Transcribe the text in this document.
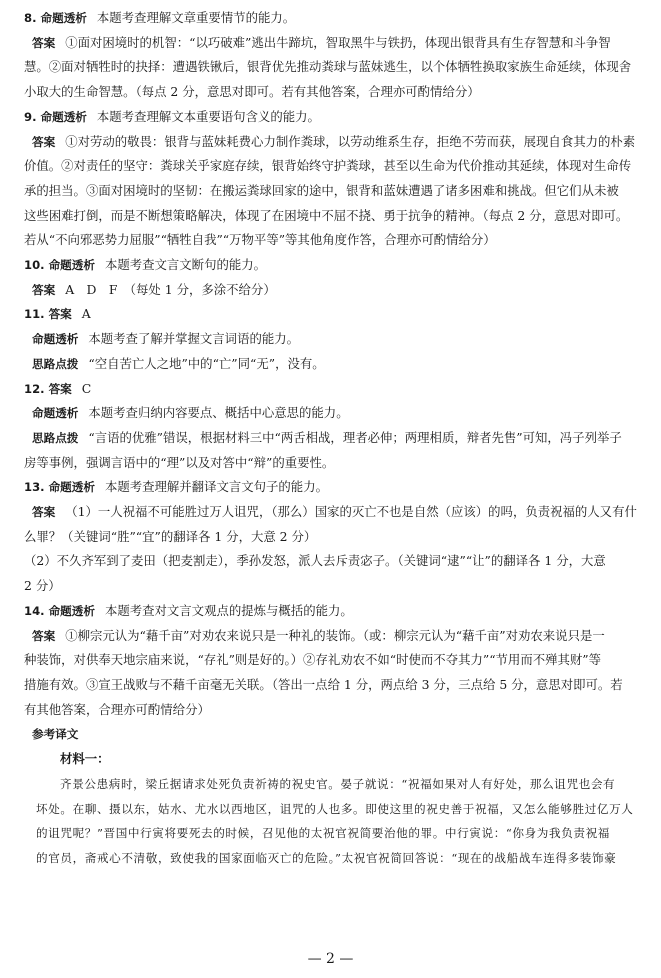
8. 命题透析 本题考查理解文章重要情节的能力。
答案 ①面对困境时的机智：“以巧破难”逃出牛蹄坑，智取黑牛与铁扔，体现出银背具有生存智慧和斗争智
慧。②面对牺牲时的抉择：遭遇铁锹后，银背优先推动粪球与蓝妹逃生，以个体牺牲换取家族生命延续，体现舍
小取大的生命智慧。（每点 2 分，意思对即可。若有其他答案，合理亦可酌情给分）
9. 命题透析 本题考查理解文本重要语句含义的能力。
答案 ①对劳动的敬畏：银背与蓝妹耗费心力制作粪球，以劳动维系生存，拒绝不劳而获，展现自食其力的朴素
价值。②对责任的坚守：粪球关乎家庭存续，银背始终守护粪球，甚至以生命为代价推动其延续，体现对生命传
承的担当。③面对困境时的坚韧：在搬运粪球回家的途中，银背和蓝妹遭遇了诸多困难和挑战。但它们从未被
这些困难打倒，而是不断想策略解决，体现了在困境中不屈不挠、勇于抗争的精神。（每点 2 分，意思对即可。
若从“不向邪恶势力屈服”“牺牲自我”“万物平等”等其他角度作答，合理亦可酌情给分）
10. 命题透析 本题考查文言文断句的能力。
答案 A　D　F　（每处 1 分，多涂不给分）
11. 答案 A
命题透析 本题考查了解并掌握文言词语的能力。
思路点拨 “空自苦亡人之地”中的“亡”同“无”，没有。
12. 答案 C
命题透析 本题考查归纳内容要点、概括中心意思的能力。
思路点拨 “言语的优雅”错误，根据材料三中“两舌相战，理者必伸；两理相质，辩者先售”可知，冯子列举子
房等事例，强调言语中的“理”以及对答中“辩”的重要性。
13. 命题透析 本题考查理解并翻译文言文句子的能力。
答案 （1）一人祝福不可能胜过万人诅咒，（那么）国家的灭亡不也是自然（应该）的吗，负责祝福的人又有什
么罪？（关键词“胜”“宜”的翻译各 1 分，大意 2 分）
（2）不久齐军到了麦田（把麦割走），季孙发怒，派人去斥责宓子。（关键词“逮”“让”的翻译各 1 分，大意
2 分）
14. 命题透析 本题考查对文言文观点的提炼与概括的能力。
答案 ①柳宗元认为“藉千亩”对劝农来说只是一种礼的装饰。（或：柳宗元认为“藉千亩”对劝农来说只是一
种装饰，对供奉天地宗庙来说，“存礼”则是好的。）②存礼劝农不如“时使而不夺其力”“节用而不殚其财”等
措施有效。③宣王战败与不藉千亩毫无关联。（答出一点给 1 分，两点给 3 分，三点给 5 分，意思对即可。若
有其他答案，合理亦可酌情给分）
参考译文
材料一：
齐景公患病时，梁丘据请求处死负责祈祷的祝史官。晏子就说：“祝福如果对人有好处，那么诅咒也会有
坏处。在聊、摄以东，姑水、尤水以西地区，诅咒的人也多。即使这里的祝史善于祝福，又怎么能够胜过亿万人
的诅咒呢？”晋国中行寅将要死去的时候，召见他的太祝官祝简要治他的罪。中行寅说：“你身为我负责祝福
的官员，斋戒心不清敬，致使我的国家面临灭亡的危险。”太祝官祝简回答说：“现在的战船战车连得多装饰豪
— 2 —
